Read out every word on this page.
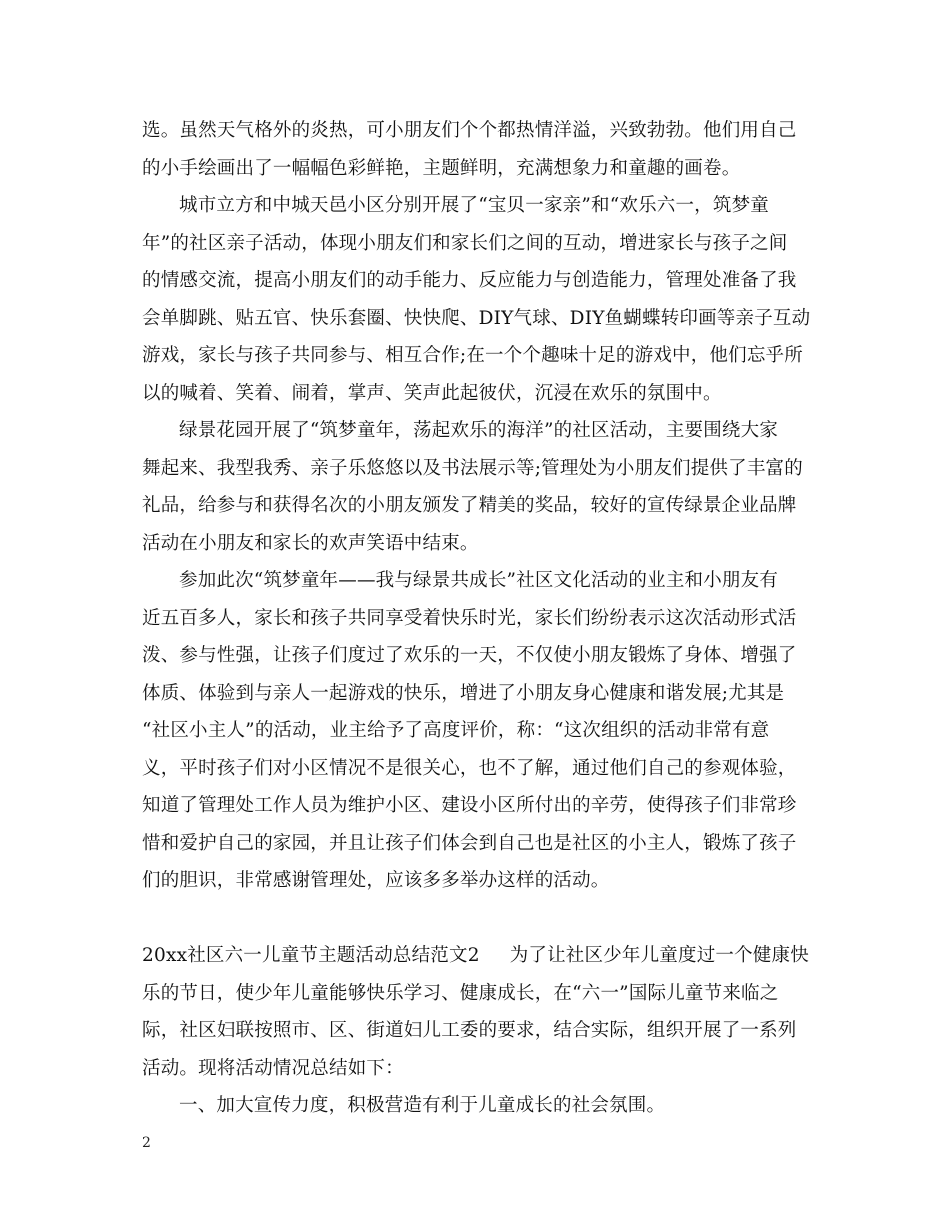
选。虽然天气格外的炎热，可小朋友们个个都热情洋溢，兴致勃勃。他们用自己
的小手绘画出了一幅幅色彩鲜艳，主题鲜明，充满想象力和童趣的画卷。
城市立方和中城天邑小区分别开展了“宝贝一家亲”和“欢乐六一，筑梦童
年”的社区亲子活动，体现小朋友们和家长们之间的互动，增进家长与孩子之间
的情感交流，提高小朋友们的动手能力、反应能力与创造能力，管理处准备了我
会单脚跳、贴五官、快乐套圈、快快爬、DIY气球、DIY鱼蝴蝶转印画等亲子互动
游戏，家长与孩子共同参与、相互合作;在一个个趣味十足的游戏中，他们忘乎所
以的喊着、笑着、闹着，掌声、笑声此起彼伏，沉浸在欢乐的氛围中。
绿景花园开展了“筑梦童年，荡起欢乐的海洋”的社区活动，主要围绕大家
舞起来、我型我秀、亲子乐悠悠以及书法展示等;管理处为小朋友们提供了丰富的
礼品，给参与和获得名次的小朋友颁发了精美的奖品，较好的宣传绿景企业品牌
活动在小朋友和家长的欢声笑语中结束。
参加此次“筑梦童年——我与绿景共成长”社区文化活动的业主和小朋友有
近五百多人，家长和孩子共同享受着快乐时光，家长们纷纷表示这次活动形式活
泼、参与性强，让孩子们度过了欢乐的一天，不仅使小朋友锻炼了身体、增强了
体质、体验到与亲人一起游戏的快乐，增进了小朋友身心健康和谐发展;尤其是
“社区小主人”的活动，业主给予了高度评价，称：“这次组织的活动非常有意
义，平时孩子们对小区情况不是很关心，也不了解，通过他们自己的参观体验，
知道了管理处工作人员为维护小区、建设小区所付出的辛劳，使得孩子们非常珍
惜和爱护自己的家园，并且让孩子们体会到自己也是社区的小主人，锻炼了孩子
们的胆识，非常感谢管理处，应该多多举办这样的活动。
20xx社区六一儿童节主题活动总结范文2 为了让社区少年儿童度过一个健康快
乐的节日，使少年儿童能够快乐学习、健康成长，在“六一”国际儿童节来临之
际，社区妇联按照市、区、街道妇儿工委的要求，结合实际，组织开展了一系列
活动。现将活动情况总结如下：
一、加大宣传力度，积极营造有利于儿童成长的社会氛围。
2
